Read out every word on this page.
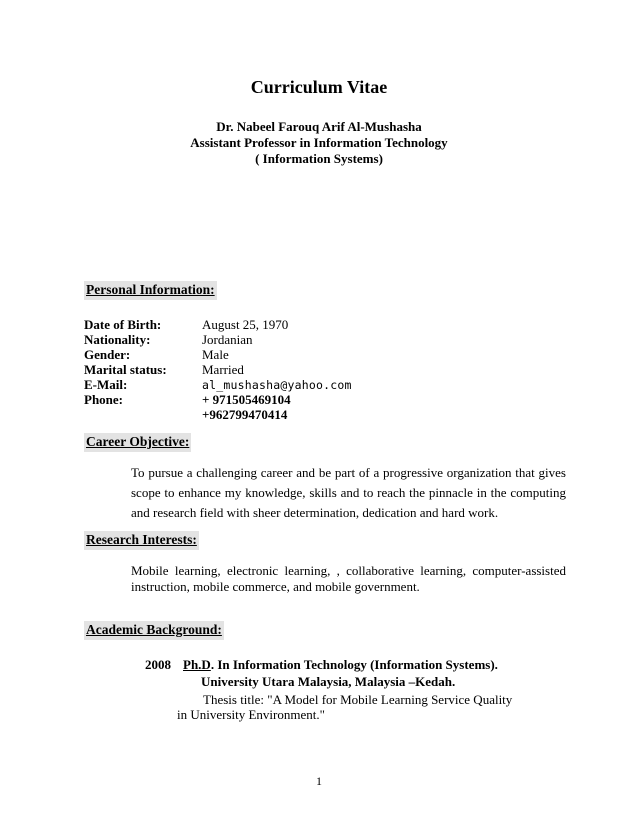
Curriculum Vitae
Dr. Nabeel Farouq Arif Al-Mushasha
Assistant Professor in Information Technology
( Information Systems)
Personal Information:
Date of Birth:	August 25, 1970
Nationality:	Jordanian
Gender:	Male
Marital status:	Married
E-Mail:	al_mushasha@yahoo.com
Phone:	+ 971505469104
+962799470414
Career Objective:
To pursue a challenging career and be part of a progressive organization that gives scope to enhance my knowledge, skills and to reach the pinnacle in the computing and research field with sheer determination, dedication and hard work.
Research Interests:
Mobile learning, electronic learning, , collaborative learning, computer-assisted instruction, mobile commerce, and mobile government.
Academic Background:
2008 Ph.D. In Information Technology (Information Systems).
University Utara Malaysia, Malaysia –Kedah.
Thesis title: "A Model for Mobile Learning Service Quality
in University Environment."
1
